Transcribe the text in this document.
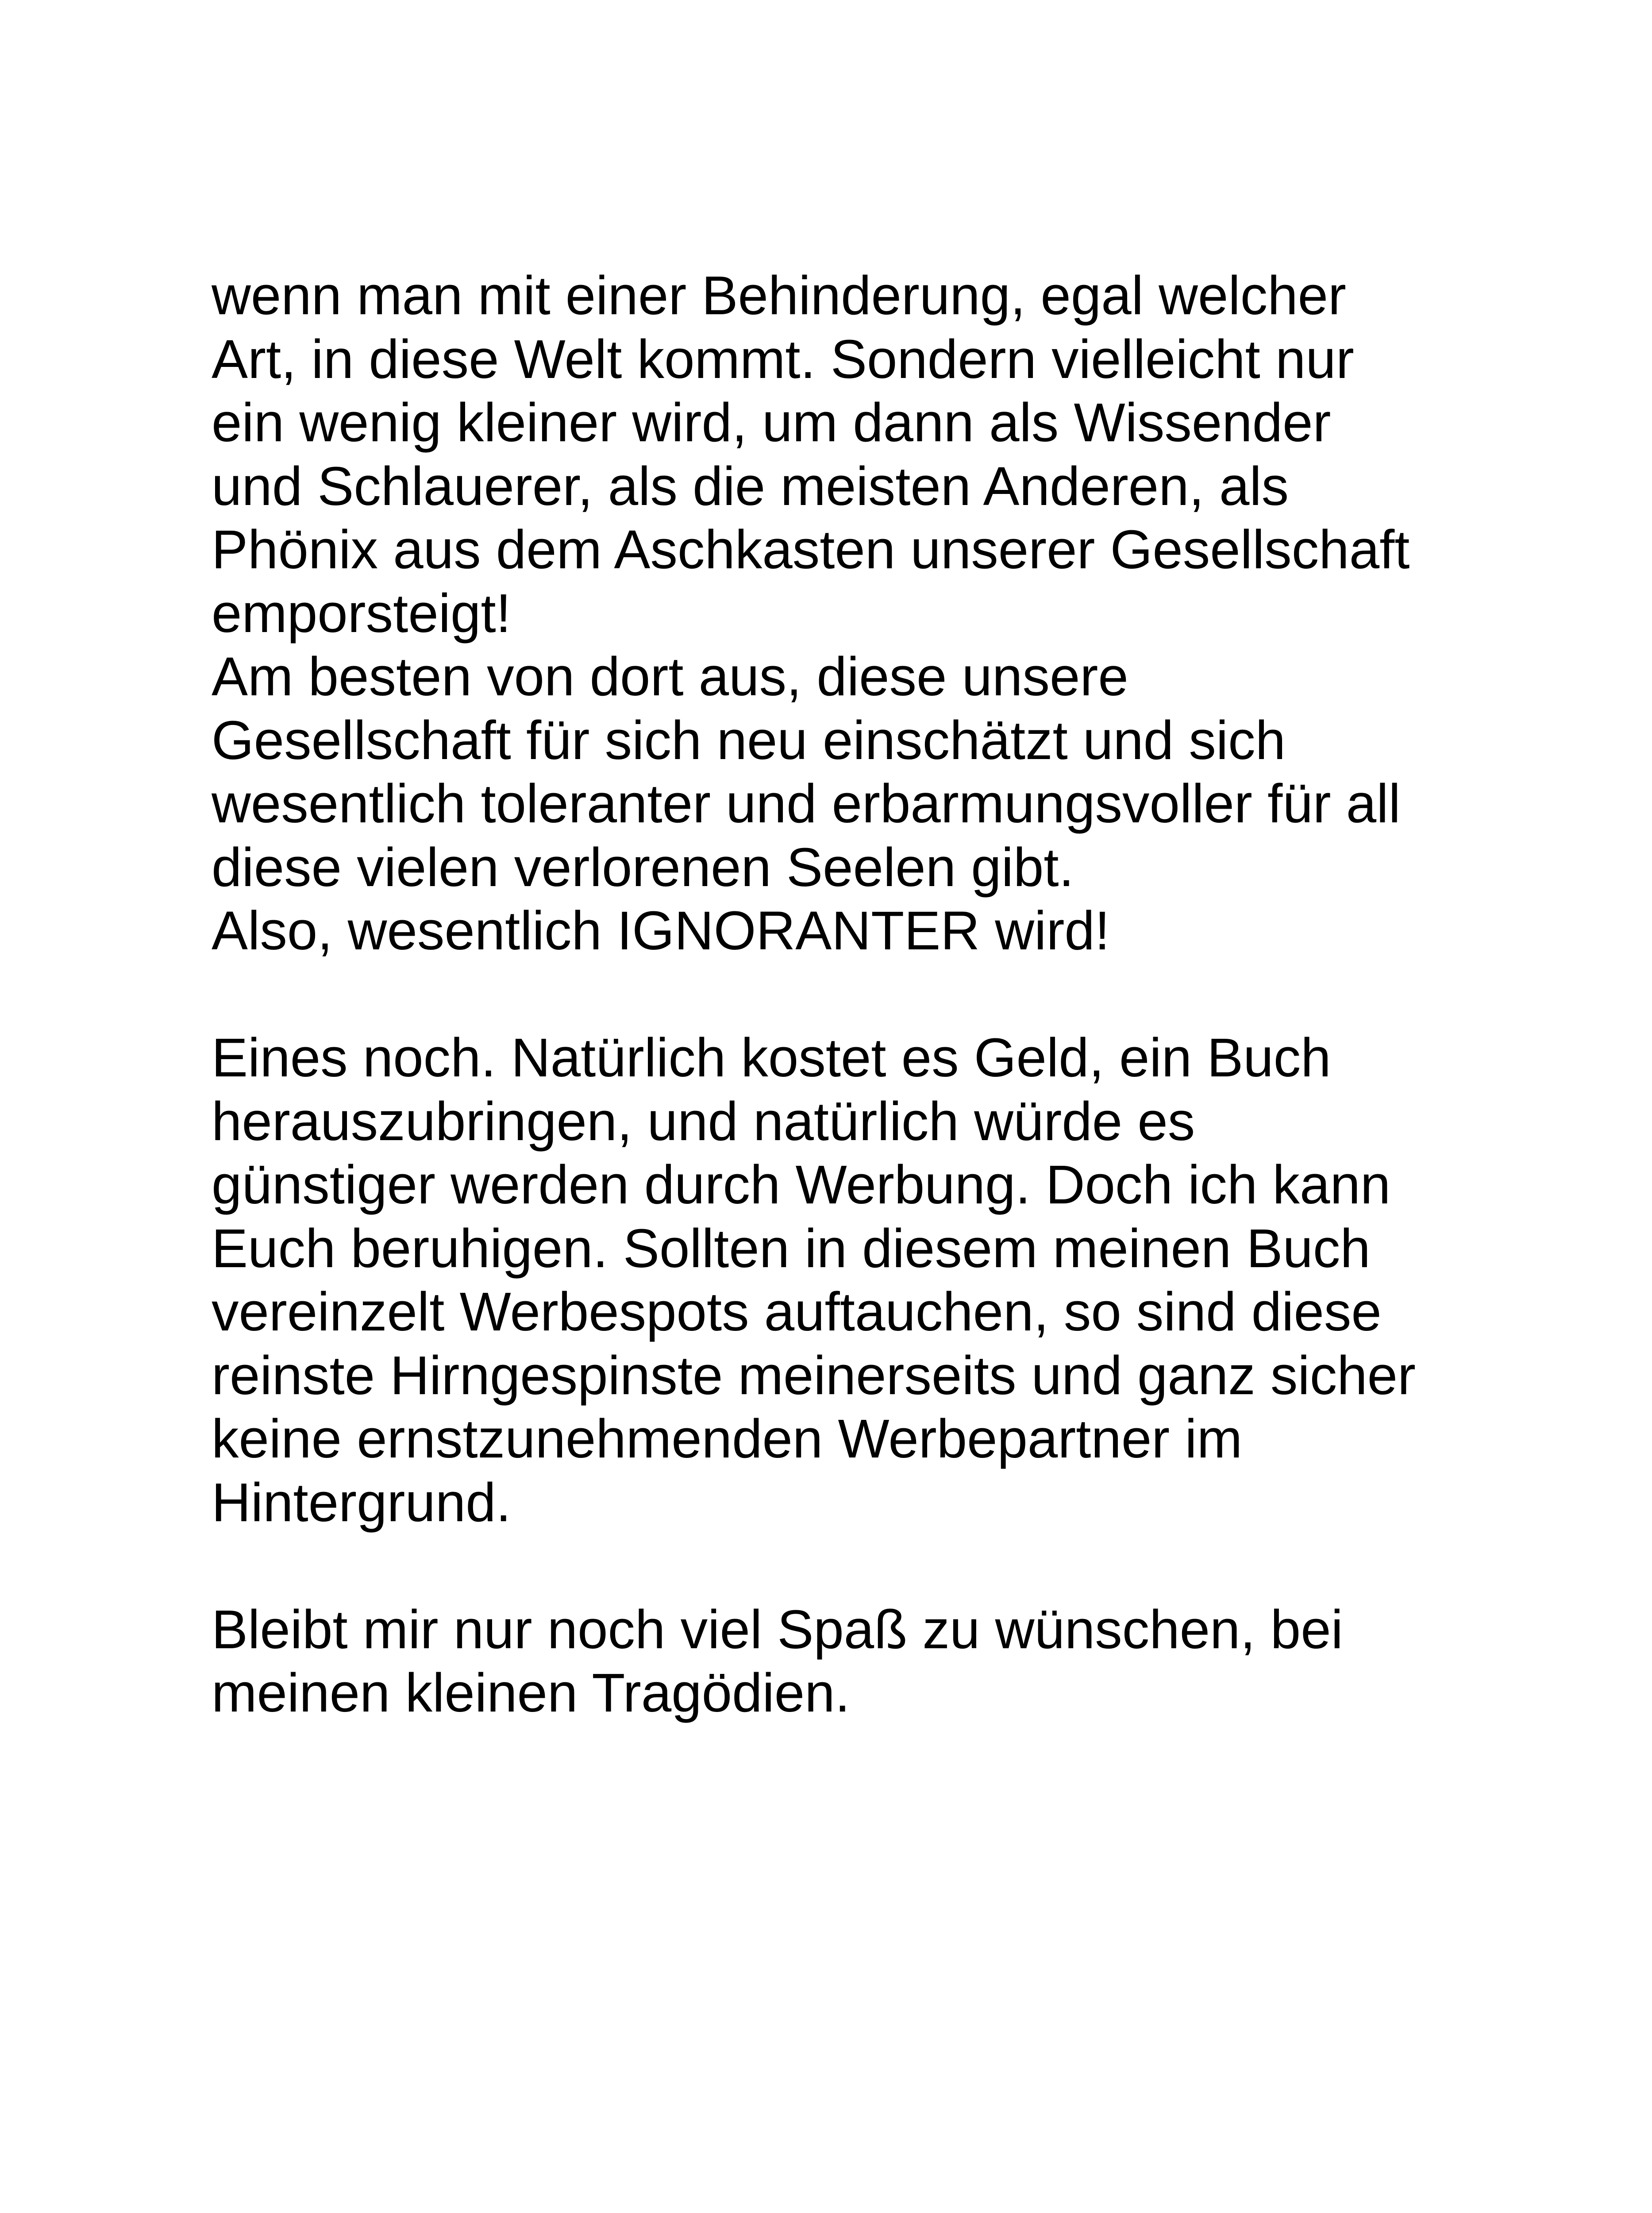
wenn man mit einer Behinderung, egal welcher
Art, in diese Welt kommt. Sondern vielleicht nur
ein wenig kleiner wird, um dann als Wissender
und Schlauerer, als die meisten Anderen, als
Phönix aus dem Aschkasten unserer Gesellschaft
emporsteigt!
Am besten von dort aus, diese unsere
Gesellschaft für sich neu einschätzt und sich
wesentlich toleranter und erbarmungsvoller für all
diese vielen verlorenen Seelen gibt.
Also, wesentlich IGNORANTER wird!
Eines noch. Natürlich kostet es Geld, ein Buch
herauszubringen, und natürlich würde es
günstiger werden durch Werbung. Doch ich kann
Euch beruhigen. Sollten in diesem meinen Buch
vereinzelt Werbespots auftauchen, so sind diese
reinste Hirngespinste meinerseits und ganz sicher
keine ernstzunehmenden Werbepartner im
Hintergrund.
Bleibt mir nur noch viel Spaß zu wünschen, bei
meinen kleinen Tragödien.
